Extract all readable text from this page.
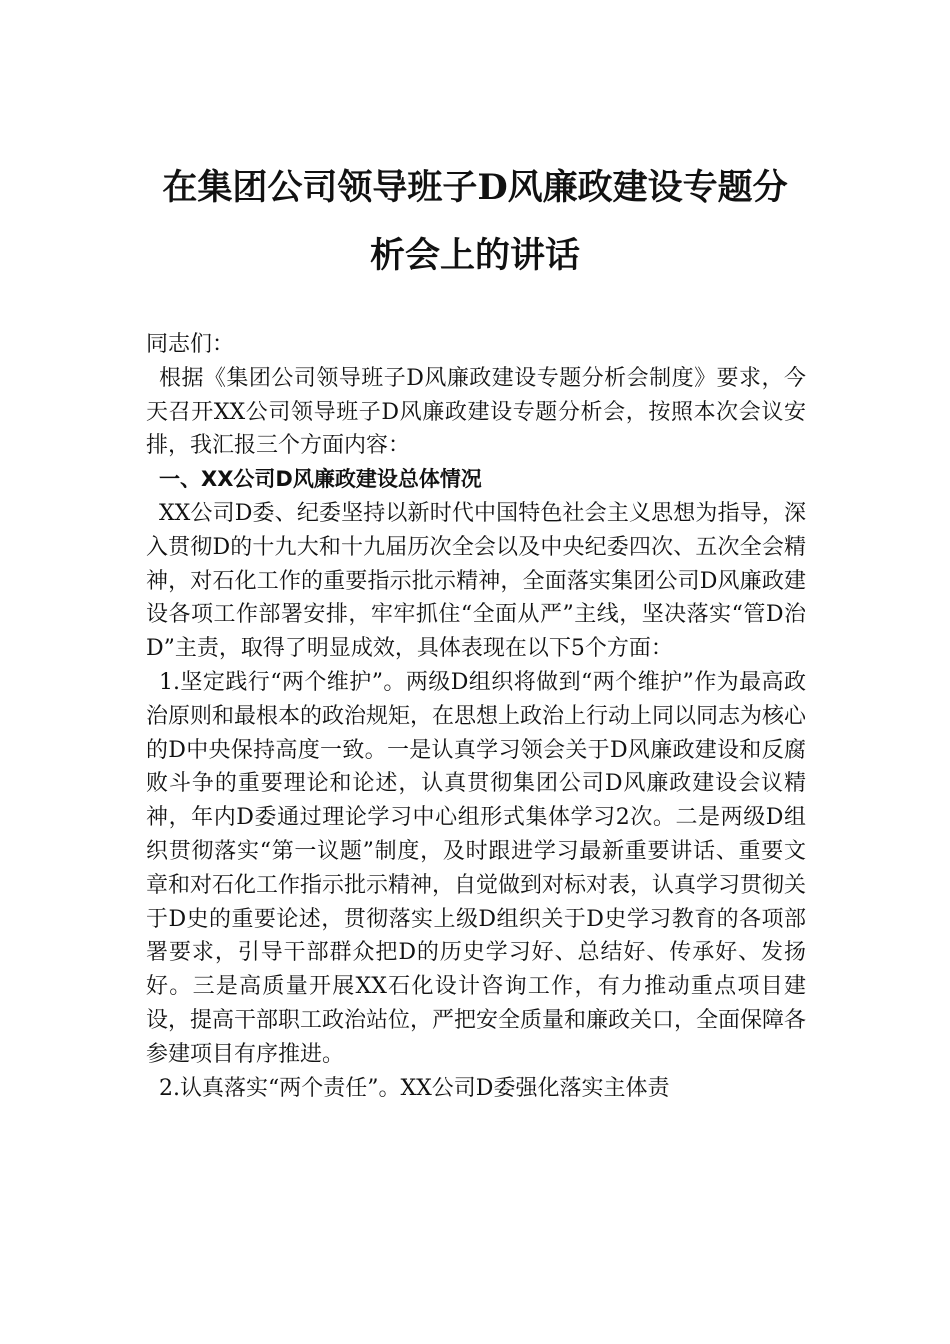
在集团公司领导班子D风廉政建设专题分
析会上的讲话

同志们：

根据《集团公司领导班子D风廉政建设专题分析会制度》要求，今天召开XX公司领导班子D风廉政建设专题分析会，按照本次会议安排，我汇报三个方面内容：

一、XX公司D风廉政建设总体情况

XX公司D委、纪委坚持以新时代中国特色社会主义思想为指导，深入贯彻D的十九大和十九届历次全会以及中央纪委四次、五次全会精神，对石化工作的重要指示批示精神，全面落实集团公司D风廉政建设各项工作部署安排，牢牢抓住“全面从严”主线，坚决落实“管D治D”主责，取得了明显成效，具体表现在以下5个方面：

1.坚定践行“两个维护”。两级D组织将做到“两个维护”作为最高政治原则和最根本的政治规矩，在思想上政治上行动上同以同志为核心的D中央保持高度一致。一是认真学习领会关于D风廉政建设和反腐败斗争的重要理论和论述，认真贯彻集团公司D风廉政建设会议精神，年内D委通过理论学习中心组形式集体学习2次。二是两级D组织贯彻落实“第一议题”制度，及时跟进学习最新重要讲话、重要文章和对石化工作指示批示精神，自觉做到对标对表，认真学习贯彻关于D史的重要论述，贯彻落实上级D组织关于D史学习教育的各项部署要求，引导干部群众把D的历史学习好、总结好、传承好、发扬好。三是高质量开展XX石化设计咨询工作，有力推动重点项目建设，提高干部职工政治站位，严把安全质量和廉政关口，全面保障各参建项目有序推进。

2.认真落实“两个责任”。XX公司D委强化落实主体责
